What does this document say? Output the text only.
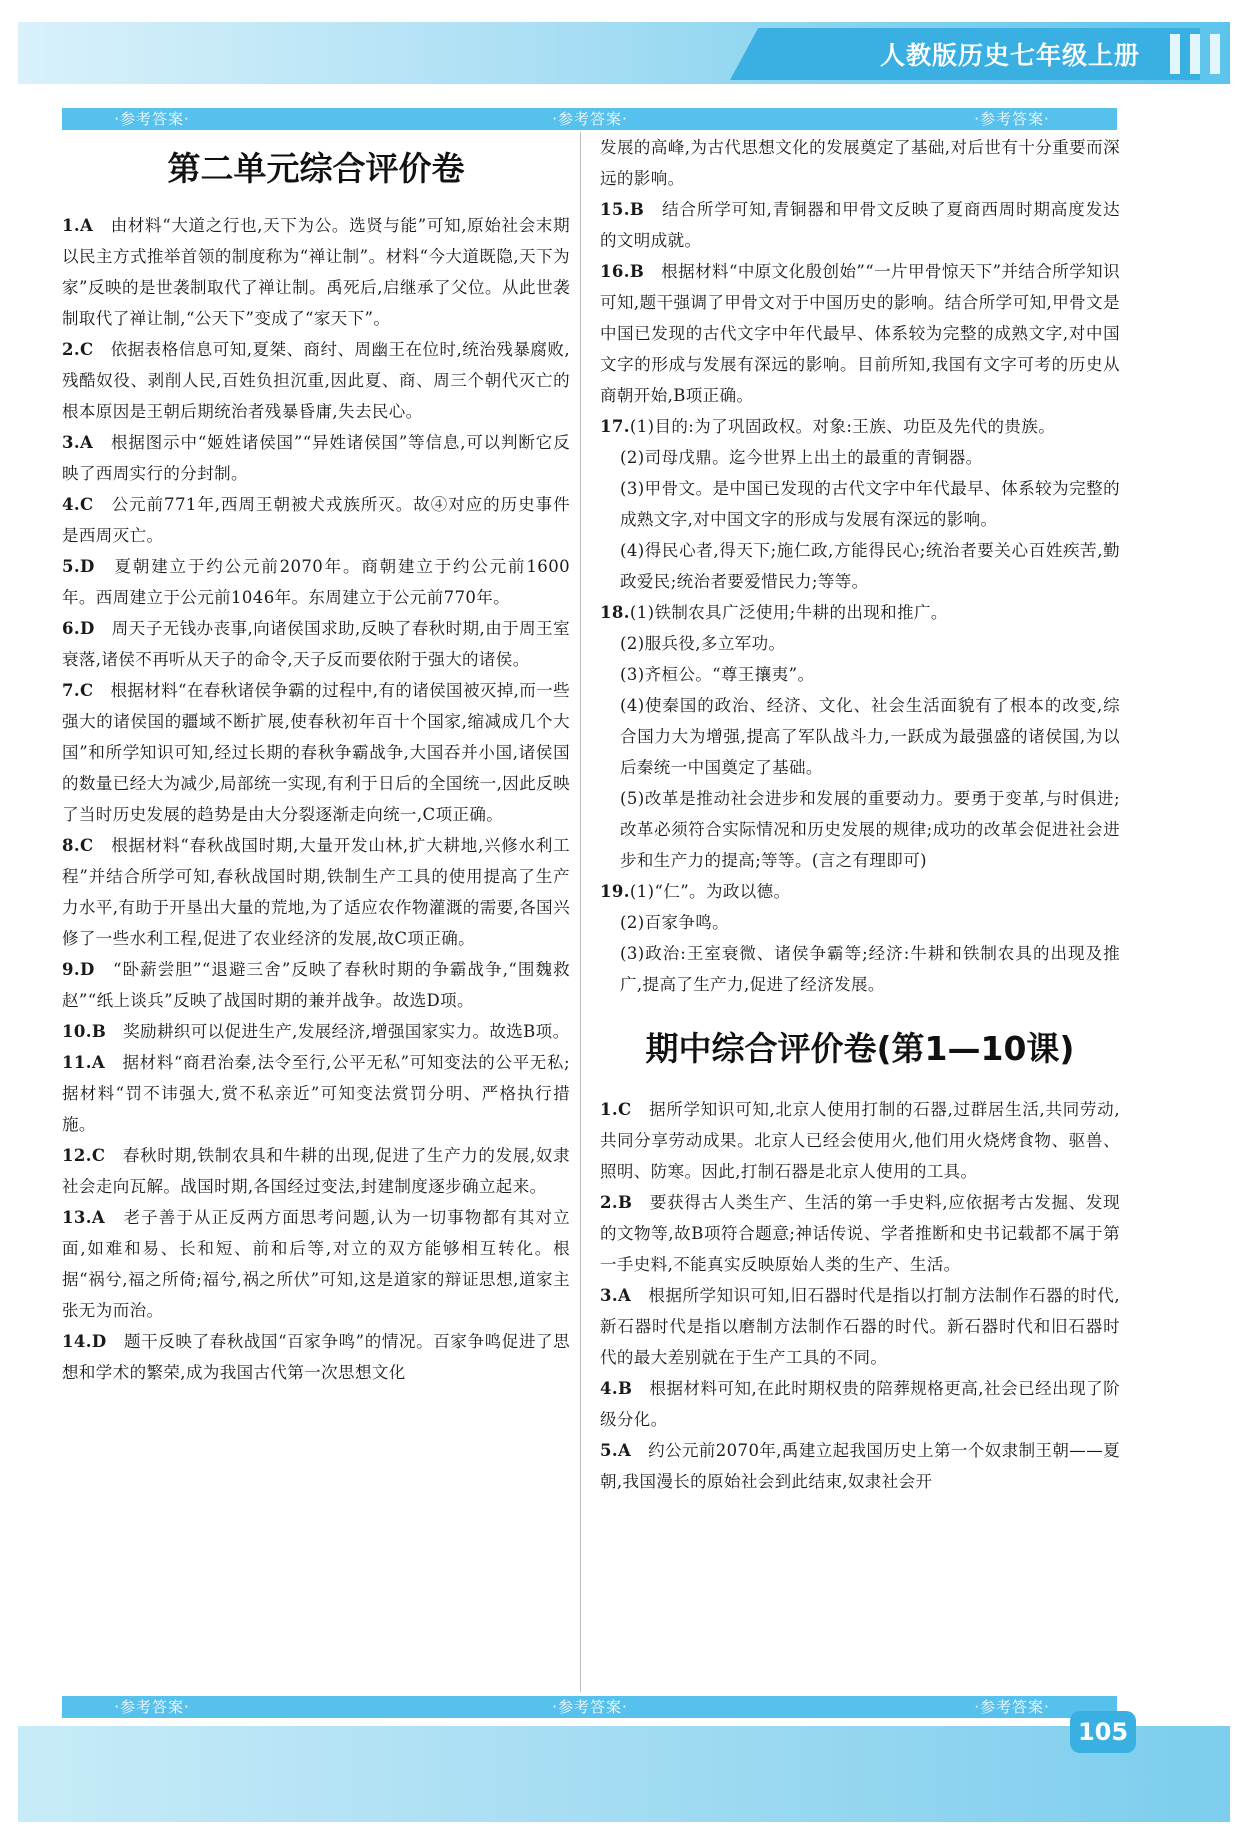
人教版历史七年级上册
·参考答案·	·参考答案·	·参考答案·
第二单元综合评价卷
1.A　由材料“大道之行也,天下为公。选贤与能”可知,原始社会末期以民主方式推举首领的制度称为“禅让制”。材料“今大道既隐,天下为家”反映的是世袭制取代了禅让制。禹死后,启继承了父位。从此世袭制取代了禅让制,“公天下”变成了“家天下”。
2.C　依据表格信息可知,夏桀、商纣、周幽王在位时,统治残暴腐败,残酷奴役、剥削人民,百姓负担沉重,因此夏、商、周三个朝代灭亡的根本原因是王朝后期统治者残暴昏庸,失去民心。
3.A　根据图示中“姬姓诸侯国”“异姓诸侯国”等信息,可以判断它反映了西周实行的分封制。
4.C　公元前771年,西周王朝被犬戎族所灭。故④对应的历史事件是西周灭亡。
5.D　夏朝建立于约公元前2070年。商朝建立于约公元前1600年。西周建立于公元前1046年。东周建立于公元前770年。
6.D　周天子无钱办丧事,向诸侯国求助,反映了春秋时期,由于周王室衰落,诸侯不再听从天子的命令,天子反而要依附于强大的诸侯。
7.C　根据材料“在春秋诸侯争霸的过程中,有的诸侯国被灭掉,而一些强大的诸侯国的疆域不断扩展,使春秋初年百十个国家,缩减成几个大国”和所学知识可知,经过长期的春秋争霸战争,大国吞并小国,诸侯国的数量已经大为减少,局部统一实现,有利于日后的全国统一,因此反映了当时历史发展的趋势是由大分裂逐渐走向统一,C项正确。
8.C　根据材料“春秋战国时期,大量开发山林,扩大耕地,兴修水利工程”并结合所学可知,春秋战国时期,铁制生产工具的使用提高了生产力水平,有助于开垦出大量的荒地,为了适应农作物灌溉的需要,各国兴修了一些水利工程,促进了农业经济的发展,故C项正确。
9.D　“卧薪尝胆”“退避三舍”反映了春秋时期的争霸战争,“围魏救赵”“纸上谈兵”反映了战国时期的兼并战争。故选D项。
10.B　奖励耕织可以促进生产,发展经济,增强国家实力。故选B项。
11.A　据材料“商君治秦,法令至行,公平无私”可知变法的公平无私;据材料“罚不讳强大,赏不私亲近”可知变法赏罚分明、严格执行措施。
12.C　春秋时期,铁制农具和牛耕的出现,促进了生产力的发展,奴隶社会走向瓦解。战国时期,各国经过变法,封建制度逐步确立起来。
13.A　老子善于从正反两方面思考问题,认为一切事物都有其对立面,如难和易、长和短、前和后等,对立的双方能够相互转化。根据“祸兮,福之所倚;福兮,祸之所伏”可知,这是道家的辩证思想,道家主张无为而治。
14.D　题干反映了春秋战国“百家争鸣”的情况。百家争鸣促进了思想和学术的繁荣,成为我国古代第一次思想文化
发展的高峰,为古代思想文化的发展奠定了基础,对后世有十分重要而深远的影响。
15.B　结合所学可知,青铜器和甲骨文反映了夏商西周时期高度发达的文明成就。
16.B　根据材料“中原文化殷创始”“一片甲骨惊天下”并结合所学知识可知,题干强调了甲骨文对于中国历史的影响。结合所学可知,甲骨文是中国已发现的古代文字中年代最早、体系较为完整的成熟文字,对中国文字的形成与发展有深远的影响。目前所知,我国有文字可考的历史从商朝开始,B项正确。
17.(1)目的:为了巩固政权。对象:王族、功臣及先代的贵族。
(2)司母戊鼎。迄今世界上出土的最重的青铜器。
(3)甲骨文。是中国已发现的古代文字中年代最早、体系较为完整的成熟文字,对中国文字的形成与发展有深远的影响。
(4)得民心者,得天下;施仁政,方能得民心;统治者要关心百姓疾苦,勤政爱民;统治者要爱惜民力;等等。
18.(1)铁制农具广泛使用;牛耕的出现和推广。
(2)服兵役,多立军功。
(3)齐桓公。“尊王攘夷”。
(4)使秦国的政治、经济、文化、社会生活面貌有了根本的改变,综合国力大为增强,提高了军队战斗力,一跃成为最强盛的诸侯国,为以后秦统一中国奠定了基础。
(5)改革是推动社会进步和发展的重要动力。要勇于变革,与时俱进;改革必须符合实际情况和历史发展的规律;成功的改革会促进社会进步和生产力的提高;等等。(言之有理即可)
19.(1)“仁”。为政以德。
(2)百家争鸣。
(3)政治:王室衰微、诸侯争霸等;经济:牛耕和铁制农具的出现及推广,提高了生产力,促进了经济发展。
期中综合评价卷(第1—10课)
1.C　据所学知识可知,北京人使用打制的石器,过群居生活,共同劳动,共同分享劳动成果。北京人已经会使用火,他们用火烧烤食物、驱兽、照明、防寒。因此,打制石器是北京人使用的工具。
2.B　要获得古人类生产、生活的第一手史料,应依据考古发掘、发现的文物等,故B项符合题意;神话传说、学者推断和史书记载都不属于第一手史料,不能真实反映原始人类的生产、生活。
3.A　根据所学知识可知,旧石器时代是指以打制方法制作石器的时代,新石器时代是指以磨制方法制作石器的时代。新石器时代和旧石器时代的最大差别就在于生产工具的不同。
4.B　根据材料可知,在此时期权贵的陪葬规格更高,社会已经出现了阶级分化。
5.A　约公元前2070年,禹建立起我国历史上第一个奴隶制王朝——夏朝,我国漫长的原始社会到此结束,奴隶社会开
·参考答案·	·参考答案·	·参考答案·
105
